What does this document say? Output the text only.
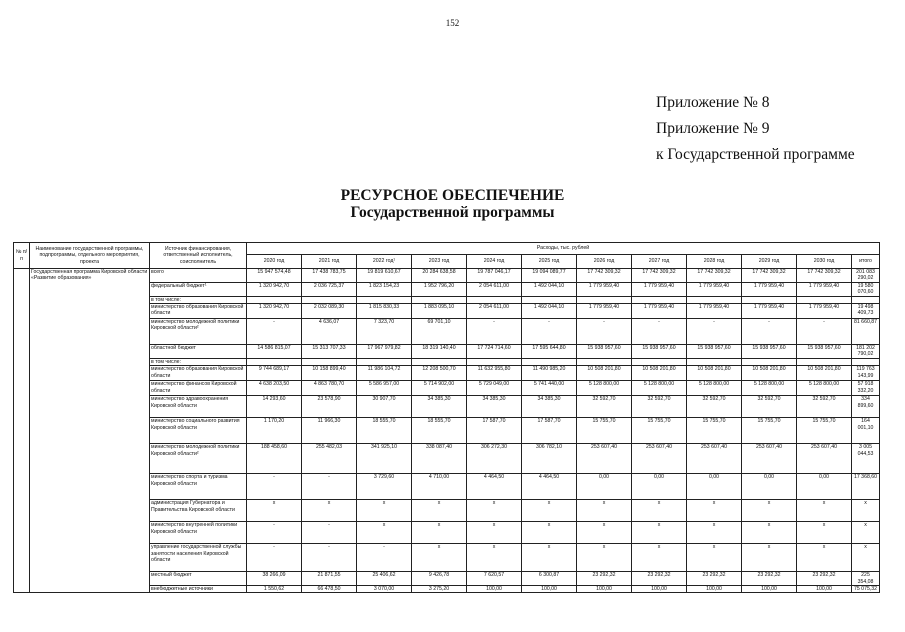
152
Приложение № 8
Приложение № 9
к Государственной программе
РЕСУРСНОЕ ОБЕСПЕЧЕНИЕ
Государственной программы
№ п/п	Наименование государственной программы, подпрограммы, отдельного мероприятия, проекта	Источник финансирования, ответственный исполнитель, соисполнитель	Расходы, тыс. рублей											
			2020 год	2021 год	2022 год¹	2023 год	2024 год	2025 год	2026 год	2027 год	2028 год	2029 год	2030 год	итого
	Государственная программа Кировской области «Развитие образования»	всего	15 947 574,48	17 438 783,75	19 819 610,67	20 284 638,58	19 787 046,17	19 094 089,77	17 742 309,32	17 742 309,32	17 742 309,32	17 742 309,32	17 742 309,32	201 083 290,02
		федеральный бюджет¹	1 320 942,70	2 036 725,37	1 823 154,23	1 952 796,20	2 054 611,00	1 492 044,10	1 779 959,40	1 779 959,40	1 779 959,40	1 779 959,40	1 779 959,40	19 580 070,60
		в том числе:												
		министерство образования Кировской области	1 320 942,70	2 032 089,30	1 815 830,33	1 883 095,10	2 054 611,00	1 492 044,10	1 779 959,40	1 779 959,40	1 779 959,40	1 779 959,40	1 779 959,40	19 498 409,73
		министерство молодежной политики Кировской области²	-	4 636,07	7 323,70	69 701,10	-	-	-	-	-	-	-	81 660,87
		областной бюджет	14 586 815,07	15 313 707,33	17 967 979,82	18 319 140,40	17 724 714,60	17 595 644,80	15 938 957,60	15 938 957,60	15 938 957,60	15 938 957,60	15 938 957,60	181 202 790,02
		в том числе:												
		министерство образования Кировской области	9 744 689,17	10 158 899,40	11 986 104,72	12 208 500,70	11 632 955,80	11 490 985,20	10 508 201,80	10 508 201,80	10 508 201,80	10 508 201,80	10 508 201,80	119 763 143,99
		министерство финансов Кировской области	4 638 203,50	4 863 780,70	5 586 957,00	5 714 902,00	5 729 049,00	5 741 440,00	5 128 800,00	5 128 800,00	5 128 800,00	5 128 800,00	5 128 800,00	57 918 332,20
		министерство здравоохранения Кировской области	14 293,60	23 578,90	30 907,70	34 385,30	34 385,30	34 385,30	32 592,70	32 592,70	32 592,70	32 592,70	32 592,70	334 899,60
		министерство социального развития Кировской области	1 170,20	11 966,30	18 555,70	18 555,70	17 587,70	17 587,70	15 755,70	15 755,70	15 755,70	15 755,70	15 755,70	164 001,10
		министерство молодежной политики Кировской области²	188 458,60	255 482,03	341 925,10	338 087,40	306 272,30	306 782,10	253 607,40	253 607,40	253 607,40	253 607,40	253 607,40	3 005 044,53
		министерство спорта и туризма Кировской области	-	-	3 729,60	4 710,00	4 464,50	4 464,50	0,00	0,00	0,00	0,00	0,00	17 368,60
		администрация Губернатора и Правительства Кировской области	x	x	x	x	x	x	x	x	x	x	x	x
		министерство внутренней политики Кировской области	-	-	x	x	x	x	x	x	x	x	x	x
		управление государственной службы занятости населения Кировской области	-	-	-	x	x	x	x	x	x	x	x	x
		местный бюджет	38 266,09	21 871,55	25 406,62	9 426,78	7 620,57	6 300,87	23 292,32	23 292,32	23 292,32	23 292,32	23 292,32	225 354,08
		внебюджетные источники	1 550,62	66 478,50	3 070,00	3 275,20	100,00	100,00	100,00	100,00	100,00	100,00	100,00	75 075,32
